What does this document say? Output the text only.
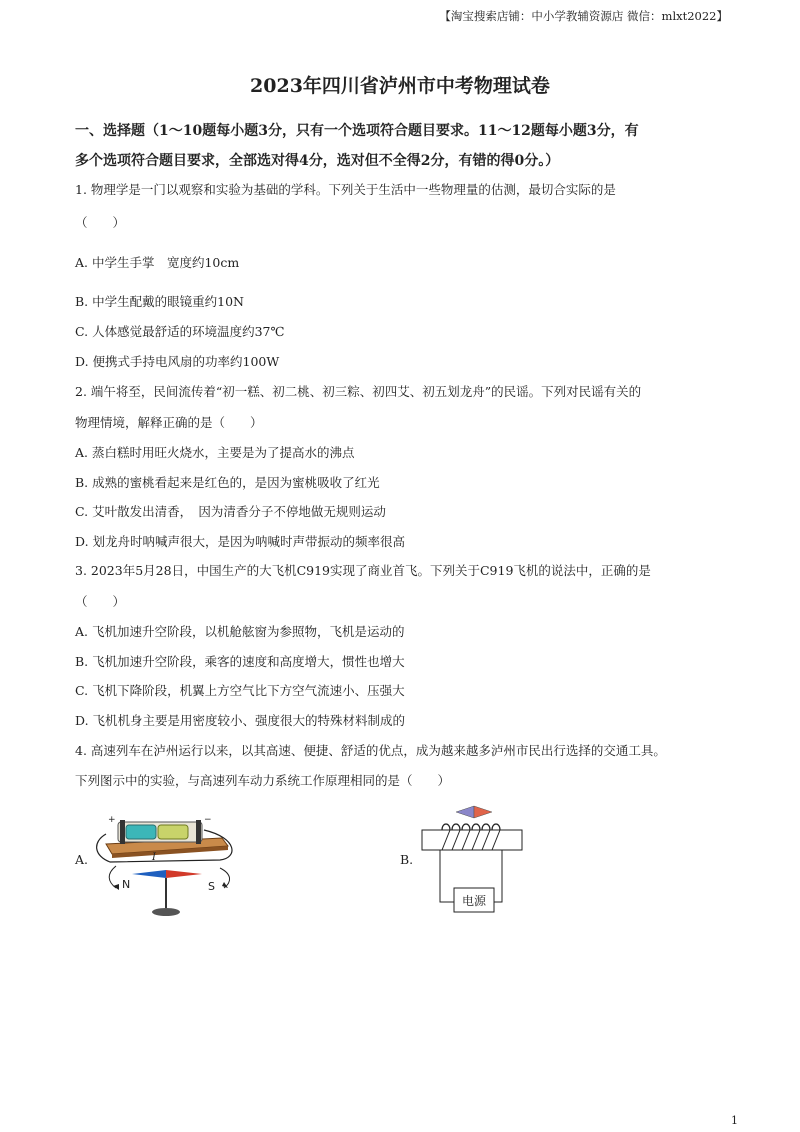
【淘宝搜索店铺：中小学教辅资源店 微信：mlxt2022】
2023年四川省泸州市中考物理试卷
一、选择题（1～10题每小题3分，只有一个选项符合题目要求。11～12题每小题3分，有
多个选项符合题目要求，全部选对得4分，选对但不全得2分，有错的得0分。）
1. 物理学是一门以观察和实验为基础的学科。下列关于生活中一些物理量的估测，最切合实际的是
（　　）
A. 中学生手掌　宽度约10cm
B. 中学生配戴的眼镜重约10N
C. 人体感觉最舒适的环境温度约37℃
D. 便携式手持电风扇的功率约100W
2. 端午将至，民间流传着“初一糕、初二桃、初三粽、初四艾、初五划龙舟”的民谣。下列对民谣有关的
物理情境，解释正确的是（　　）
A. 蒸白糕时用旺火烧水，主要是为了提高水的沸点
B. 成熟的蜜桃看起来是红色的，是因为蜜桃吸收了红光
C. 艾叶散发出清香，　因为清香分子不停地做无规则运动
D. 划龙舟时呐喊声很大，是因为呐喊时声带振动的频率很高
3. 2023年5月28日，中国生产的大飞机C919实现了商业首飞。下列关于C919飞机的说法中，正确的是
（　　）
A. 飞机加速升空阶段，以机舱舷窗为参照物，飞机是运动的
B. 飞机加速升空阶段，乘客的速度和高度增大，惯性也增大
C. 飞机下降阶段，机翼上方空气比下方空气流速小、压强大
D. 飞机机身主要是用密度较小、强度很大的特殊材料制成的
4. 高速列车在泸州运行以来，以其高速、便捷、舒适的优点，成为越来越多泸州市民出行选择的交通工具。
下列图示中的实验，与高速列车动力系统工作原理相同的是（　　）
A.	B.
+	−
I
N	S
电源
1
